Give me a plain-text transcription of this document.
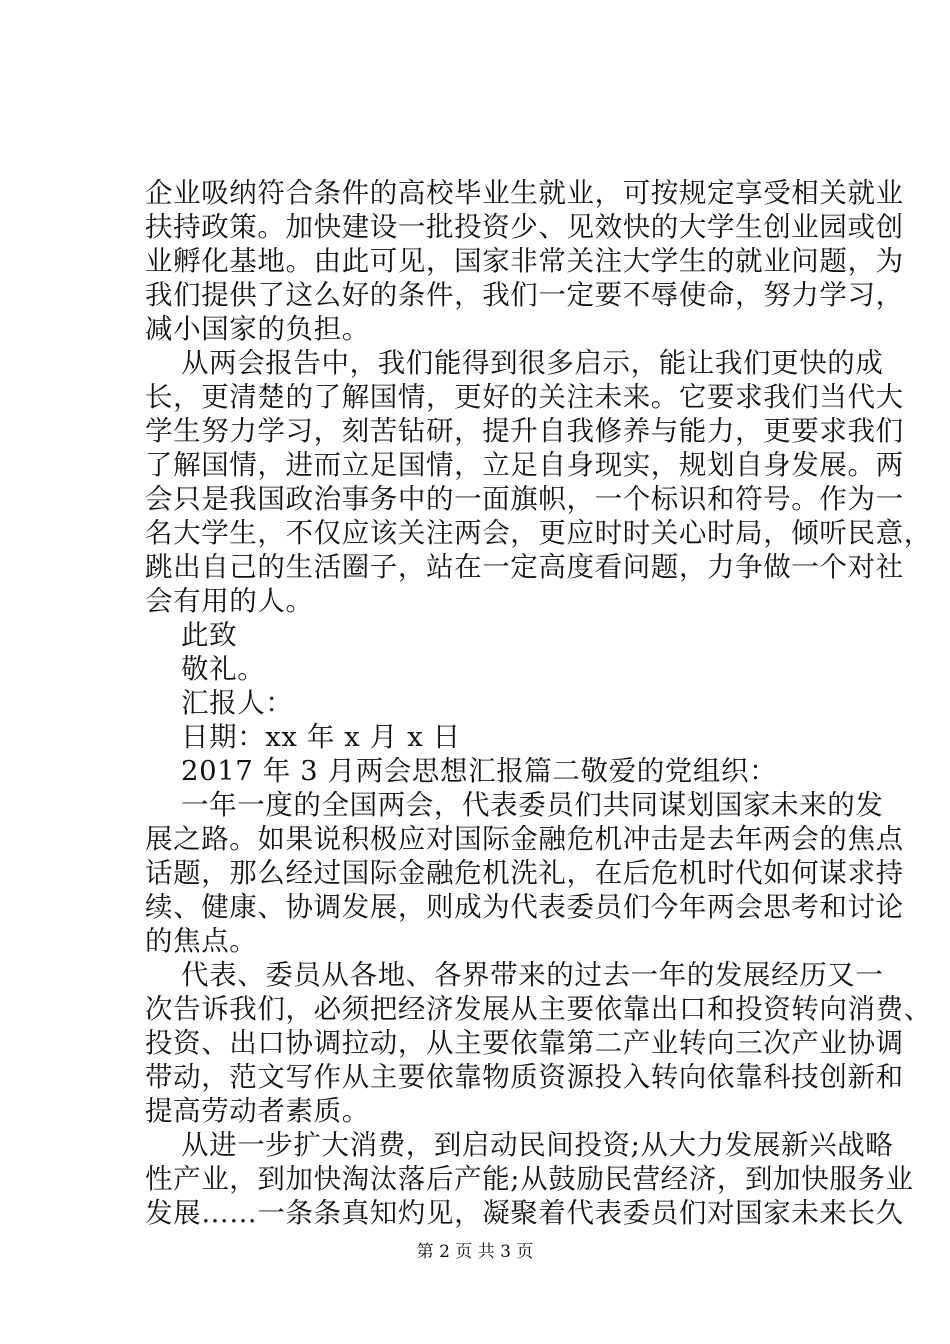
企业吸纳符合条件的高校毕业生就业，可按规定享受相关就业
扶持政策。加快建设一批投资少、见效快的大学生创业园或创
业孵化基地。由此可见，国家非常关注大学生的就业问题，为
我们提供了这么好的条件，我们一定要不辱使命，努力学习，
减小国家的负担。
从两会报告中，我们能得到很多启示，能让我们更快的成
长，更清楚的了解国情，更好的关注未来。它要求我们当代大
学生努力学习，刻苦钻研，提升自我修养与能力，更要求我们
了解国情，进而立足国情，立足自身现实，规划自身发展。两
会只是我国政治事务中的一面旗帜，一个标识和符号。作为一
名大学生，不仅应该关注两会，更应时时关心时局，倾听民意，
跳出自己的生活圈子，站在一定高度看问题，力争做一个对社
会有用的人。
此致
敬礼。
汇报人：
日期：xx 年 x 月 x 日
2017 年 3 月两会思想汇报篇二敬爱的党组织：
一年一度的全国两会，代表委员们共同谋划国家未来的发
展之路。如果说积极应对国际金融危机冲击是去年两会的焦点
话题，那么经过国际金融危机洗礼，在后危机时代如何谋求持
续、健康、协调发展，则成为代表委员们今年两会思考和讨论
的焦点。
代表、委员从各地、各界带来的过去一年的发展经历又一
次告诉我们，必须把经济发展从主要依靠出口和投资转向消费、
投资、出口协调拉动，从主要依靠第二产业转向三次产业协调
带动，范文写作从主要依靠物质资源投入转向依靠科技创新和
提高劳动者素质。
从进一步扩大消费，到启动民间投资;从大力发展新兴战略
性产业，到加快淘汰落后产能;从鼓励民营经济，到加快服务业
发展……一条条真知灼见，凝聚着代表委员们对国家未来长久
第 2 页 共 3 页
